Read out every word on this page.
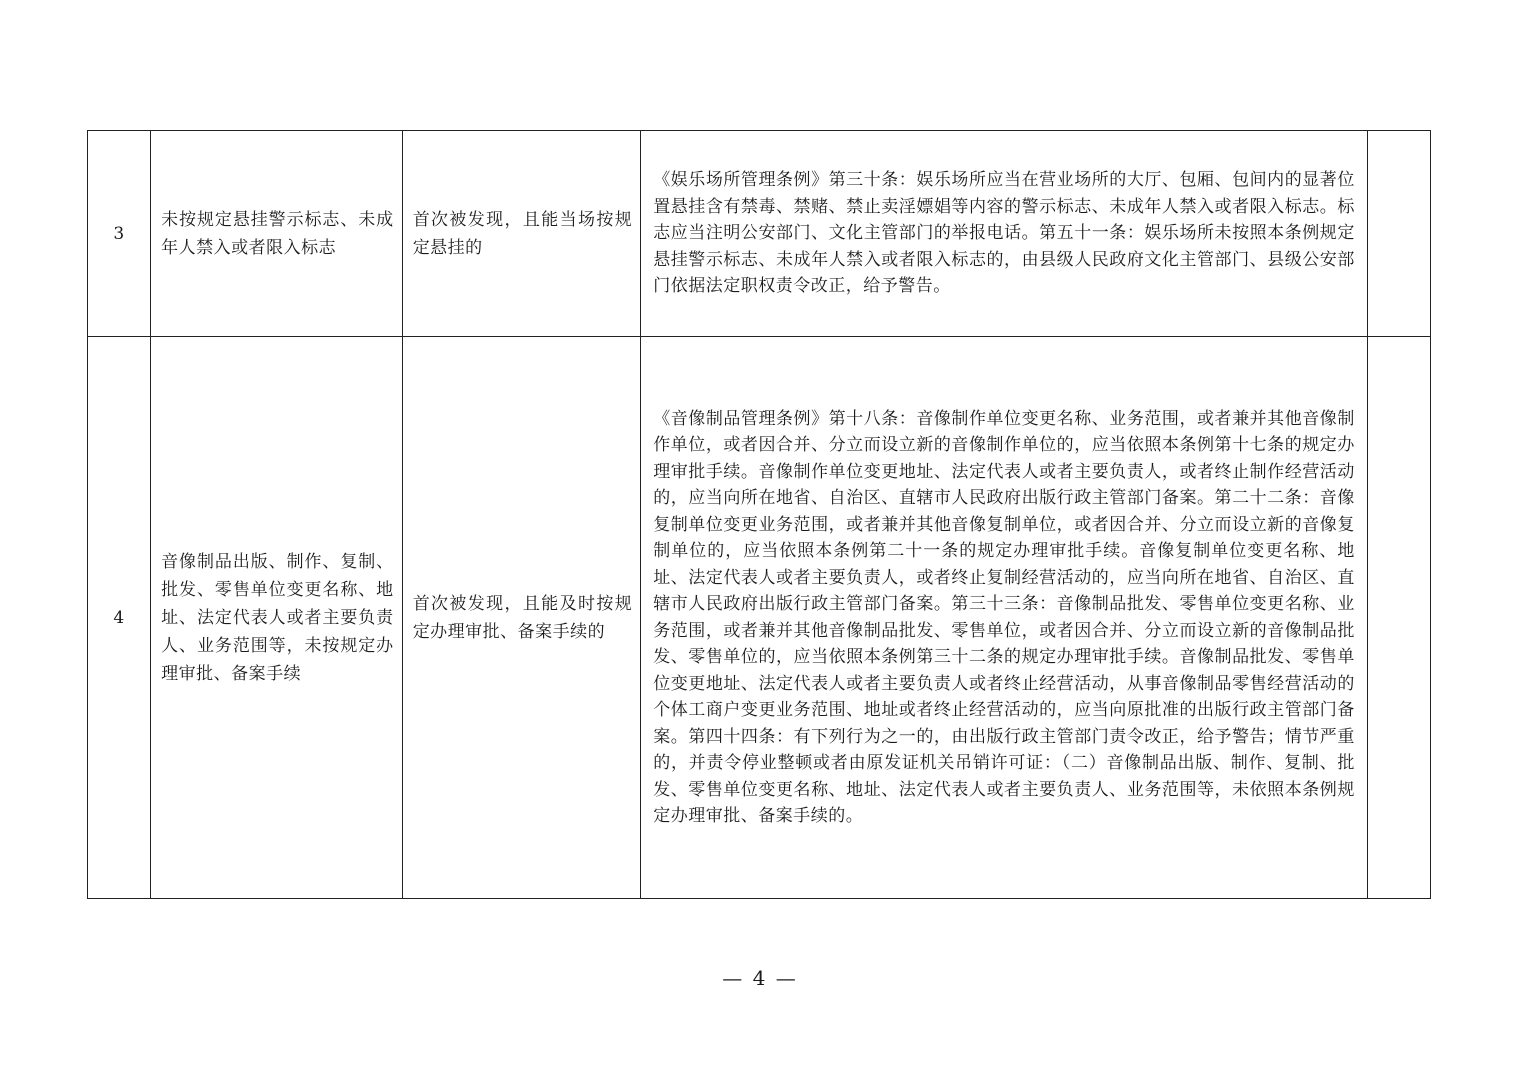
3	未按规定悬挂警示标志、未成年人禁入或者限入标志	首次被发现，且能当场按规定悬挂的	《娱乐场所管理条例》第三十条：娱乐场所应当在营业场所的大厅、包厢、包间内的显著位置悬挂含有禁毒、禁赌、禁止卖淫嫖娼等内容的警示标志、未成年人禁入或者限入标志。标志应当注明公安部门、文化主管部门的举报电话。第五十一条：娱乐场所未按照本条例规定悬挂警示标志、未成年人禁入或者限入标志的，由县级人民政府文化主管部门、县级公安部门依据法定职权责令改正，给予警告。	

4	音像制品出版、制作、复制、批发、零售单位变更名称、地址、法定代表人或者主要负责人、业务范围等，未按规定办理审批、备案手续	首次被发现，且能及时按规定办理审批、备案手续的	《音像制品管理条例》第十八条：音像制作单位变更名称、业务范围，或者兼并其他音像制作单位，或者因合并、分立而设立新的音像制作单位的，应当依照本条例第十七条的规定办理审批手续。音像制作单位变更地址、法定代表人或者主要负责人，或者终止制作经营活动的，应当向所在地省、自治区、直辖市人民政府出版行政主管部门备案。第二十二条：音像复制单位变更业务范围，或者兼并其他音像复制单位，或者因合并、分立而设立新的音像复制单位的，应当依照本条例第二十一条的规定办理审批手续。音像复制单位变更名称、地址、法定代表人或者主要负责人，或者终止复制经营活动的，应当向所在地省、自治区、直辖市人民政府出版行政主管部门备案。第三十三条：音像制品批发、零售单位变更名称、业务范围，或者兼并其他音像制品批发、零售单位，或者因合并、分立而设立新的音像制品批发、零售单位的，应当依照本条例第三十二条的规定办理审批手续。音像制品批发、零售单位变更地址、法定代表人或者主要负责人或者终止经营活动，从事音像制品零售经营活动的个体工商户变更业务范围、地址或者终止经营活动的，应当向原批准的出版行政主管部门备案。第四十四条：有下列行为之一的，由出版行政主管部门责令改正，给予警告；情节严重的，并责令停业整顿或者由原发证机关吊销许可证：（二）音像制品出版、制作、复制、批发、零售单位变更名称、地址、法定代表人或者主要负责人、业务范围等，未依照本条例规定办理审批、备案手续的。	

— 4 —
